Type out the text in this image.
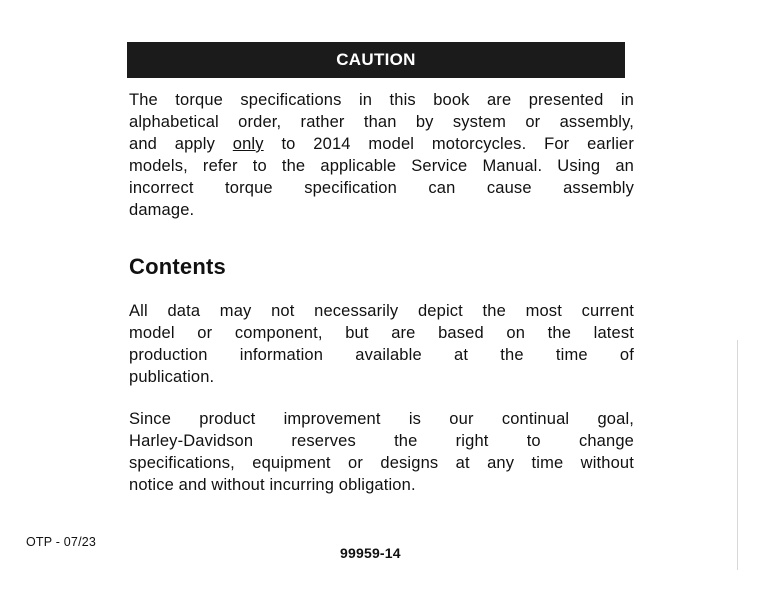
CAUTION
The torque specifications in this book are presented in
alphabetical order, rather than by system or assembly,
and apply only to 2014 model motorcycles. For earlier
models, refer to the applicable Service Manual. Using an
incorrect torque specification can cause assembly
damage.
Contents
All data may not necessarily depict the most current
model or component, but are based on the latest
production information available at the time of
publication.
Since product improvement is our continual goal,
Harley-Davidson reserves the right to change
specifications, equipment or designs at any time without
notice and without incurring obligation.
OTP - 07/23
99959-14
